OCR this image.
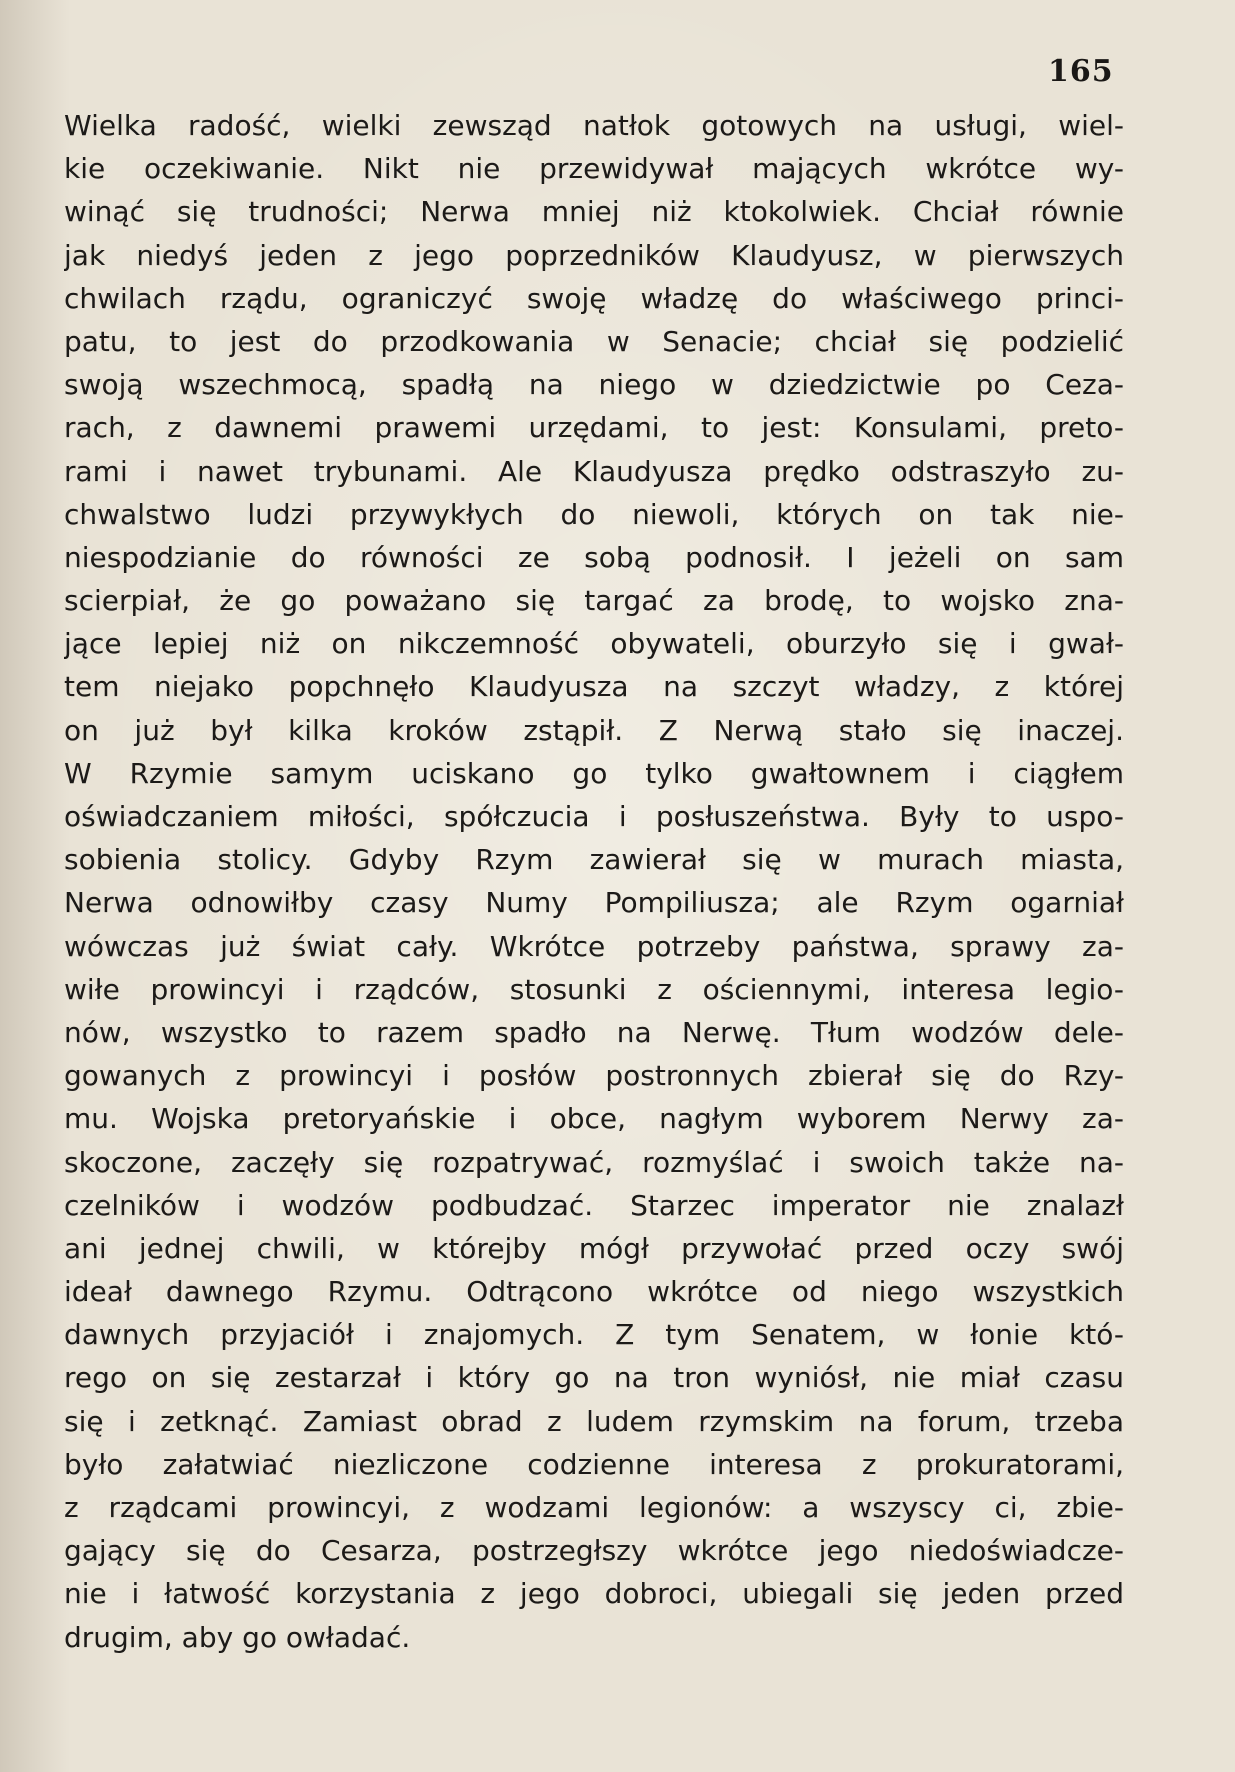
165
Wielka radość, wielki zewsząd natłok gotowych na usługi, wiel-
kie oczekiwanie. Nikt nie przewidywał mających wkrótce wy-
winąć się trudności; Nerwa mniej niż ktokolwiek. Chciał równie
jak niedyś jeden z jego poprzedników Klaudyusz, w pierwszych
chwilach rządu, ograniczyć swoję władzę do właściwego princi-
patu, to jest do przodkowania w Senacie; chciał się podzielić
swoją wszechmocą, spadłą na niego w dziedzictwie po Ceza-
rach, z dawnemi prawemi urzędami, to jest: Konsulami, preto-
rami i nawet trybunami. Ale Klaudyusza prędko odstraszyło zu-
chwalstwo ludzi przywykłych do niewoli, których on tak nie-
niespodzianie do równości ze sobą podnosił. I jeżeli on sam
scierpiał, że go poważano się targać za brodę, to wojsko zna-
jące lepiej niż on nikczemność obywateli, oburzyło się i gwał-
tem niejako popchnęło Klaudyusza na szczyt władzy, z której
on już był kilka kroków zstąpił. Z Nerwą stało się inaczej.
W Rzymie samym uciskano go tylko gwałtownem i ciągłem
oświadczaniem miłości, spółczucia i posłuszeństwa. Były to uspo-
sobienia stolicy. Gdyby Rzym zawierał się w murach miasta,
Nerwa odnowiłby czasy Numy Pompiliusza; ale Rzym ogarniał
wówczas już świat cały. Wkrótce potrzeby państwa, sprawy za-
wiłe prowincyi i rządców, stosunki z ościennymi, interesa legio-
nów, wszystko to razem spadło na Nerwę. Tłum wodzów dele-
gowanych z prowincyi i posłów postronnych zbierał się do Rzy-
mu. Wojska pretoryańskie i obce, nagłym wyborem Nerwy za-
skoczone, zaczęły się rozpatrywać, rozmyślać i swoich także na-
czelników i wodzów podbudzać. Starzec imperator nie znalazł
ani jednej chwili, w którejby mógł przywołać przed oczy swój
ideał dawnego Rzymu. Odtrącono wkrótce od niego wszystkich
dawnych przyjaciół i znajomych. Z tym Senatem, w łonie któ-
rego on się zestarzał i który go na tron wyniósł, nie miał czasu
się i zetknąć. Zamiast obrad z ludem rzymskim na forum, trzeba
było załatwiać niezliczone codzienne interesa z prokuratorami,
z rządcami prowincyi, z wodzami legionów: a wszyscy ci, zbie-
gający się do Cesarza, postrzegłszy wkrótce jego niedoświadcze-
nie i łatwość korzystania z jego dobroci, ubiegali się jeden przed
drugim, aby go owładać.
